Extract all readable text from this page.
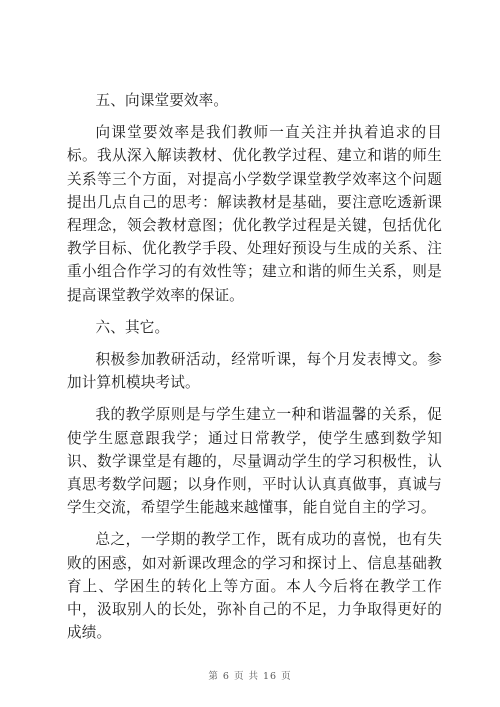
五、向课堂要效率。

向课堂要效率是我们教师一直关注并执着追求的目标。我从深入解读教材、优化教学过程、建立和谐的师生关系等三个方面，对提高小学数学课堂教学效率这个问题提出几点自己的思考：解读教材是基础，要注意吃透新课程理念，领会教材意图；优化教学过程是关键，包括优化教学目标、优化教学手段、处理好预设与生成的关系、注重小组合作学习的有效性等；建立和谐的师生关系，则是提高课堂教学效率的保证。

六、其它。

积极参加教研活动，经常听课，每个月发表博文。参加计算机模块考试。

我的教学原则是与学生建立一种和谐温馨的关系，促使学生愿意跟我学；通过日常教学，使学生感到数学知识、数学课堂是有趣的，尽量调动学生的学习积极性，认真思考数学问题；以身作则，平时认认真真做事，真诚与学生交流，希望学生能越来越懂事，能自觉自主的学习。

总之，一学期的教学工作，既有成功的喜悦，也有失败的困惑，如对新课改理念的学习和探讨上、信息基础教育上、学困生的转化上等方面。本人今后将在教学工作中，汲取别人的长处，弥补自己的不足，力争取得更好的成绩。

第 6 页 共 16 页
